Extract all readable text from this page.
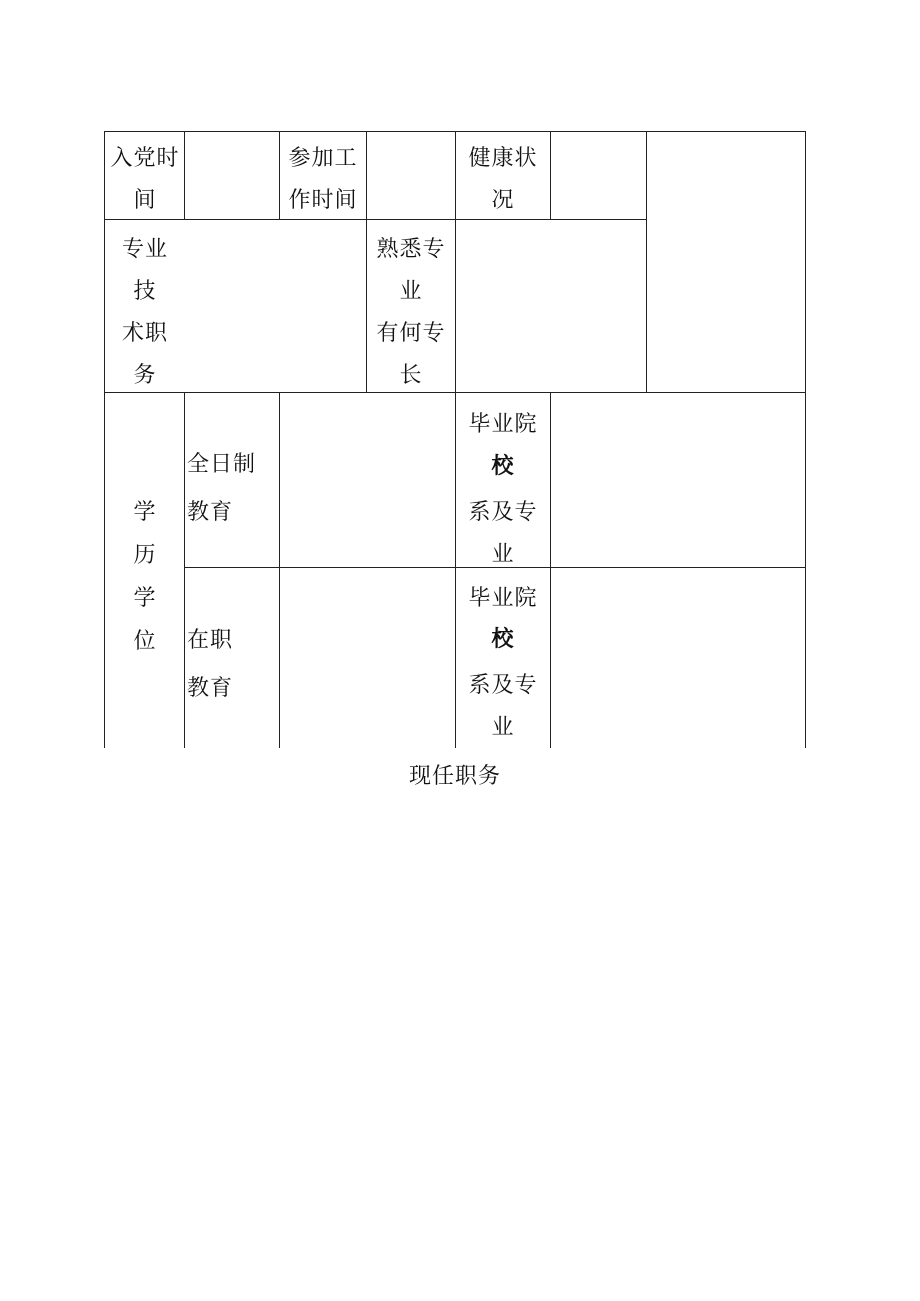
入党时
间
参加工
作时间
健康状
况
专业
技
术职
务
熟悉专
业
有何专
长
学
历
学
位
全日制
教育
在职
教育
毕业院
校
系及专
业
毕业院
校
系及专
业
现任职务
